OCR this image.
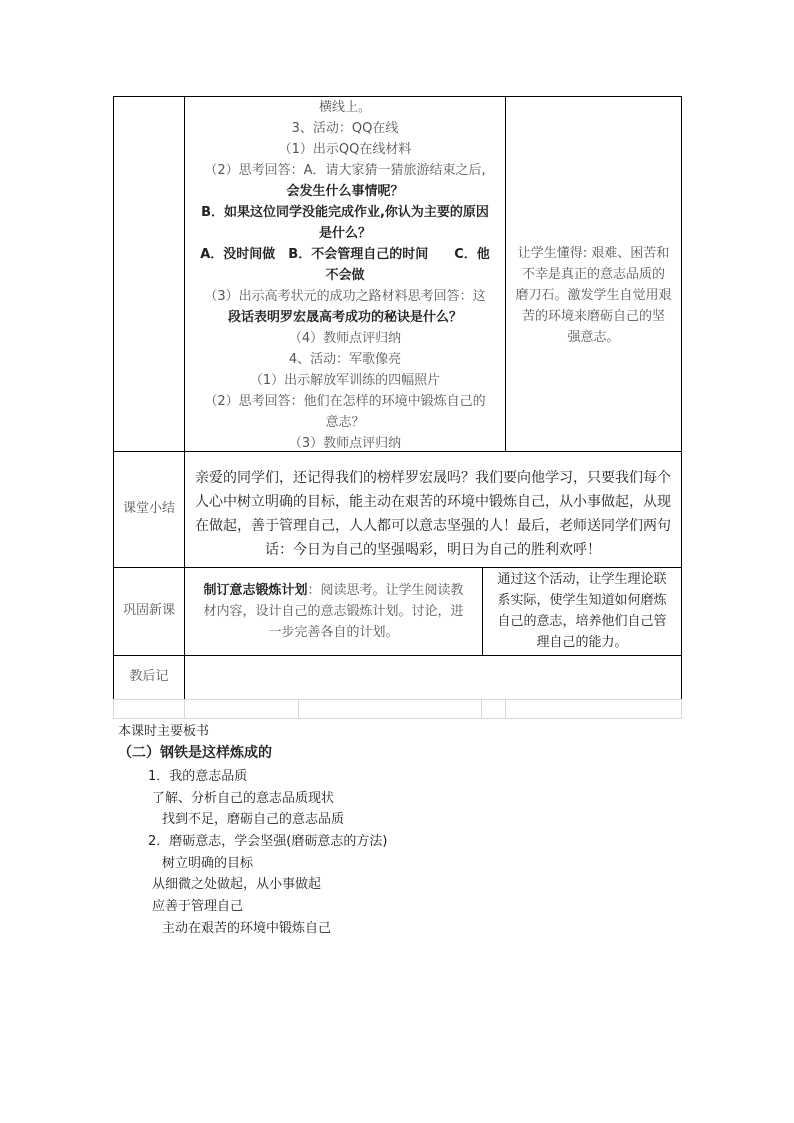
横线上。

3、活动：QQ在线

（1）出示QQ在线材料

（2）思考回答：A．请大家猜一猜旅游结束之后,

会发生什么事情呢？

B．如果这位同学没能完成作业,你认为主要的原因

是什么？

A．没时间做　B．不会管理自己的时间　　C．他

不会做

（3）出示高考状元的成功之路材料思考回答：这

段话表明罗宏晟高考成功的秘诀是什么？

（4）教师点评归纳

4、活动：军歌像亮

（1）出示解放军训练的四幅照片

（2）思考回答：他们在怎样的环境中锻炼自己的

意志？

（3）教师点评归纳

让学生懂得: 艰难、困苦和

不幸是真正的意志品质的

磨刀石。激发学生自觉用艰

苦的环境来磨砺自己的坚

强意志。

课堂小结

亲爱的同学们，还记得我们的榜样罗宏晟吗？我们要向他学习，只要我们每个

人心中树立明确的目标，能主动在艰苦的环境中锻炼自己，从小事做起，从现

在做起，善于管理自己，人人都可以意志坚强的人！最后，老师送同学们两句

话：今日为自己的坚强喝彩，明日为自己的胜利欢呼！

巩固新课

制订意志锻炼计划：阅读思考。让学生阅读教

材内容，设计自己的意志锻炼计划。讨论，进

一步完善各自的计划。

通过这个活动，让学生理论联

系实际，使学生知道如何磨炼

自己的意志，培养他们自己管

理自己的能力。

教后记
本课时主要板书
（二）钢铁是这样炼成的
1．我的意志品质
了解、分析自己的意志品质现状
找到不足，磨砺自己的意志品质
2．磨砺意志，学会坚强(磨砺意志的方法)
树立明确的目标
从细微之处做起，从小事做起
应善于管理自己
主动在艰苦的环境中锻炼自己
